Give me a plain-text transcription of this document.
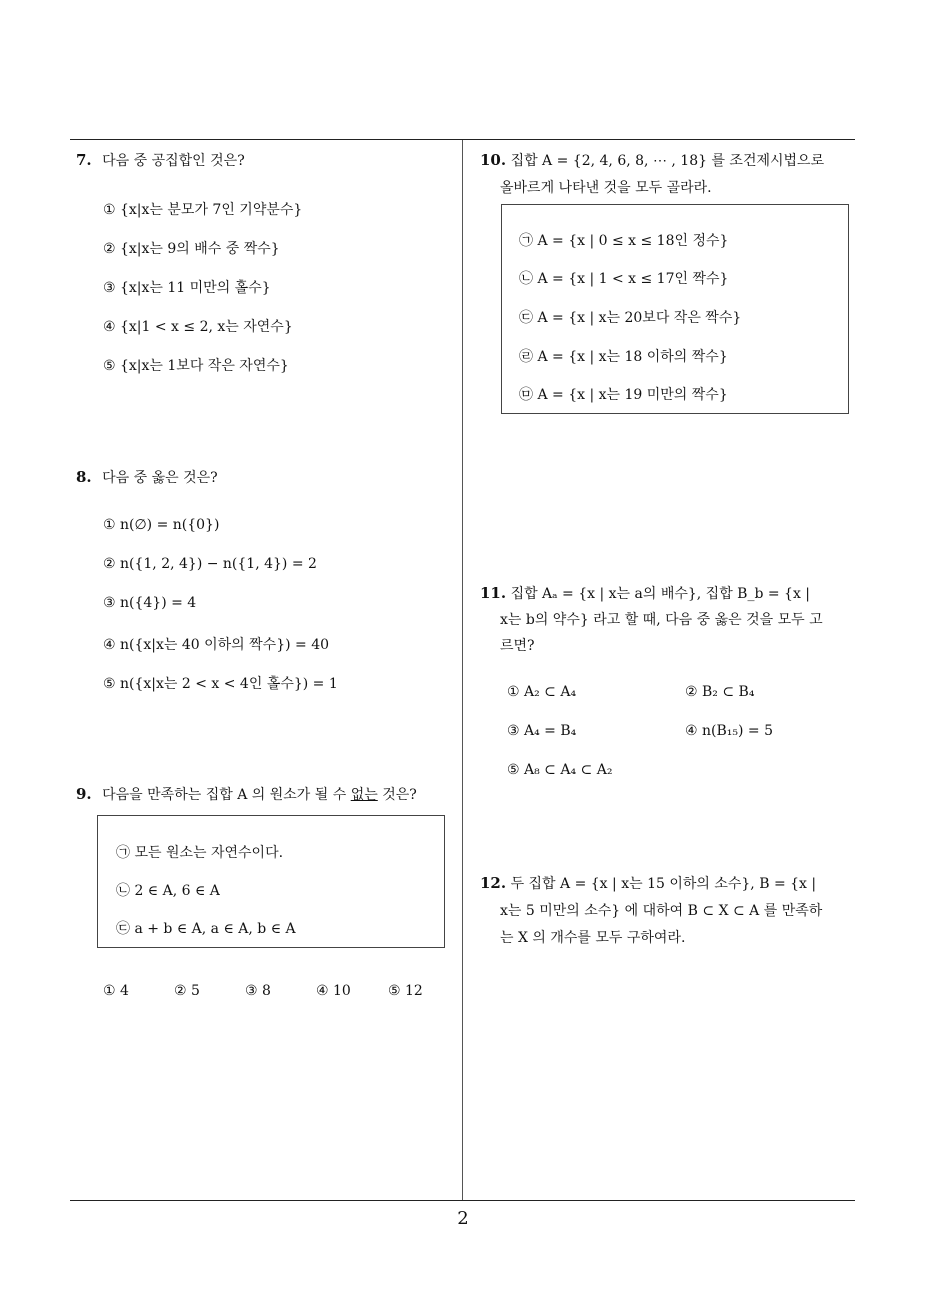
7. 다음 중 공집합인 것은?
① {x|x는 분모가 7인 기약분수}
② {x|x는 9의 배수 중 짝수}
③ {x|x는 11 미만의 홀수}
④ {x|1 < x ≤ 2, x는 자연수}
⑤ {x|x는 1보다 작은 자연수}
8. 다음 중 옳은 것은?
① n(∅) = n({0})
② n({1, 2, 4}) − n({1, 4}) = 2
③ n({4}) = 4
④ n({x|x는 40 이하의 짝수}) = 40
⑤ n({x|x는 2 < x < 4인 홀수}) = 1
9. 다음을 만족하는 집합 A 의 원소가 될 수 없는 것은?
㉠ 모든 원소는 자연수이다.
㉡ 2 ∈ A, 6 ∈ A
㉢ a + b ∈ A, a ∈ A, b ∈ A
① 4	② 5	③ 8	④ 10	⑤ 12
10. 집합 A = {2, 4, 6, 8, ⋯ , 18} 를 조건제시법으로
올바르게 나타낸 것을 모두 골라라.
㉠ A = {x | 0 ≤ x ≤ 18인 정수}
㉡ A = {x | 1 < x ≤ 17인 짝수}
㉢ A = {x | x는 20보다 작은 짝수}
㉣ A = {x | x는 18 이하의 짝수}
㉤ A = {x | x는 19 미만의 짝수}
11. 집합 Aₐ = {x | x는 a의 배수}, 집합 B_b = {x |
x는 b의 약수} 라고 할 때, 다음 중 옳은 것을 모두 고
르면?
① A₂ ⊂ A₄	② B₂ ⊂ B₄
③ A₄ = B₄	④ n(B₁₅) = 5
⑤ A₈ ⊂ A₄ ⊂ A₂
12. 두 집합 A = {x | x는 15 이하의 소수}, B = {x |
x는 5 미만의 소수} 에 대하여 B ⊂ X ⊂ A 를 만족하
는 X 의 개수를 모두 구하여라.
2
